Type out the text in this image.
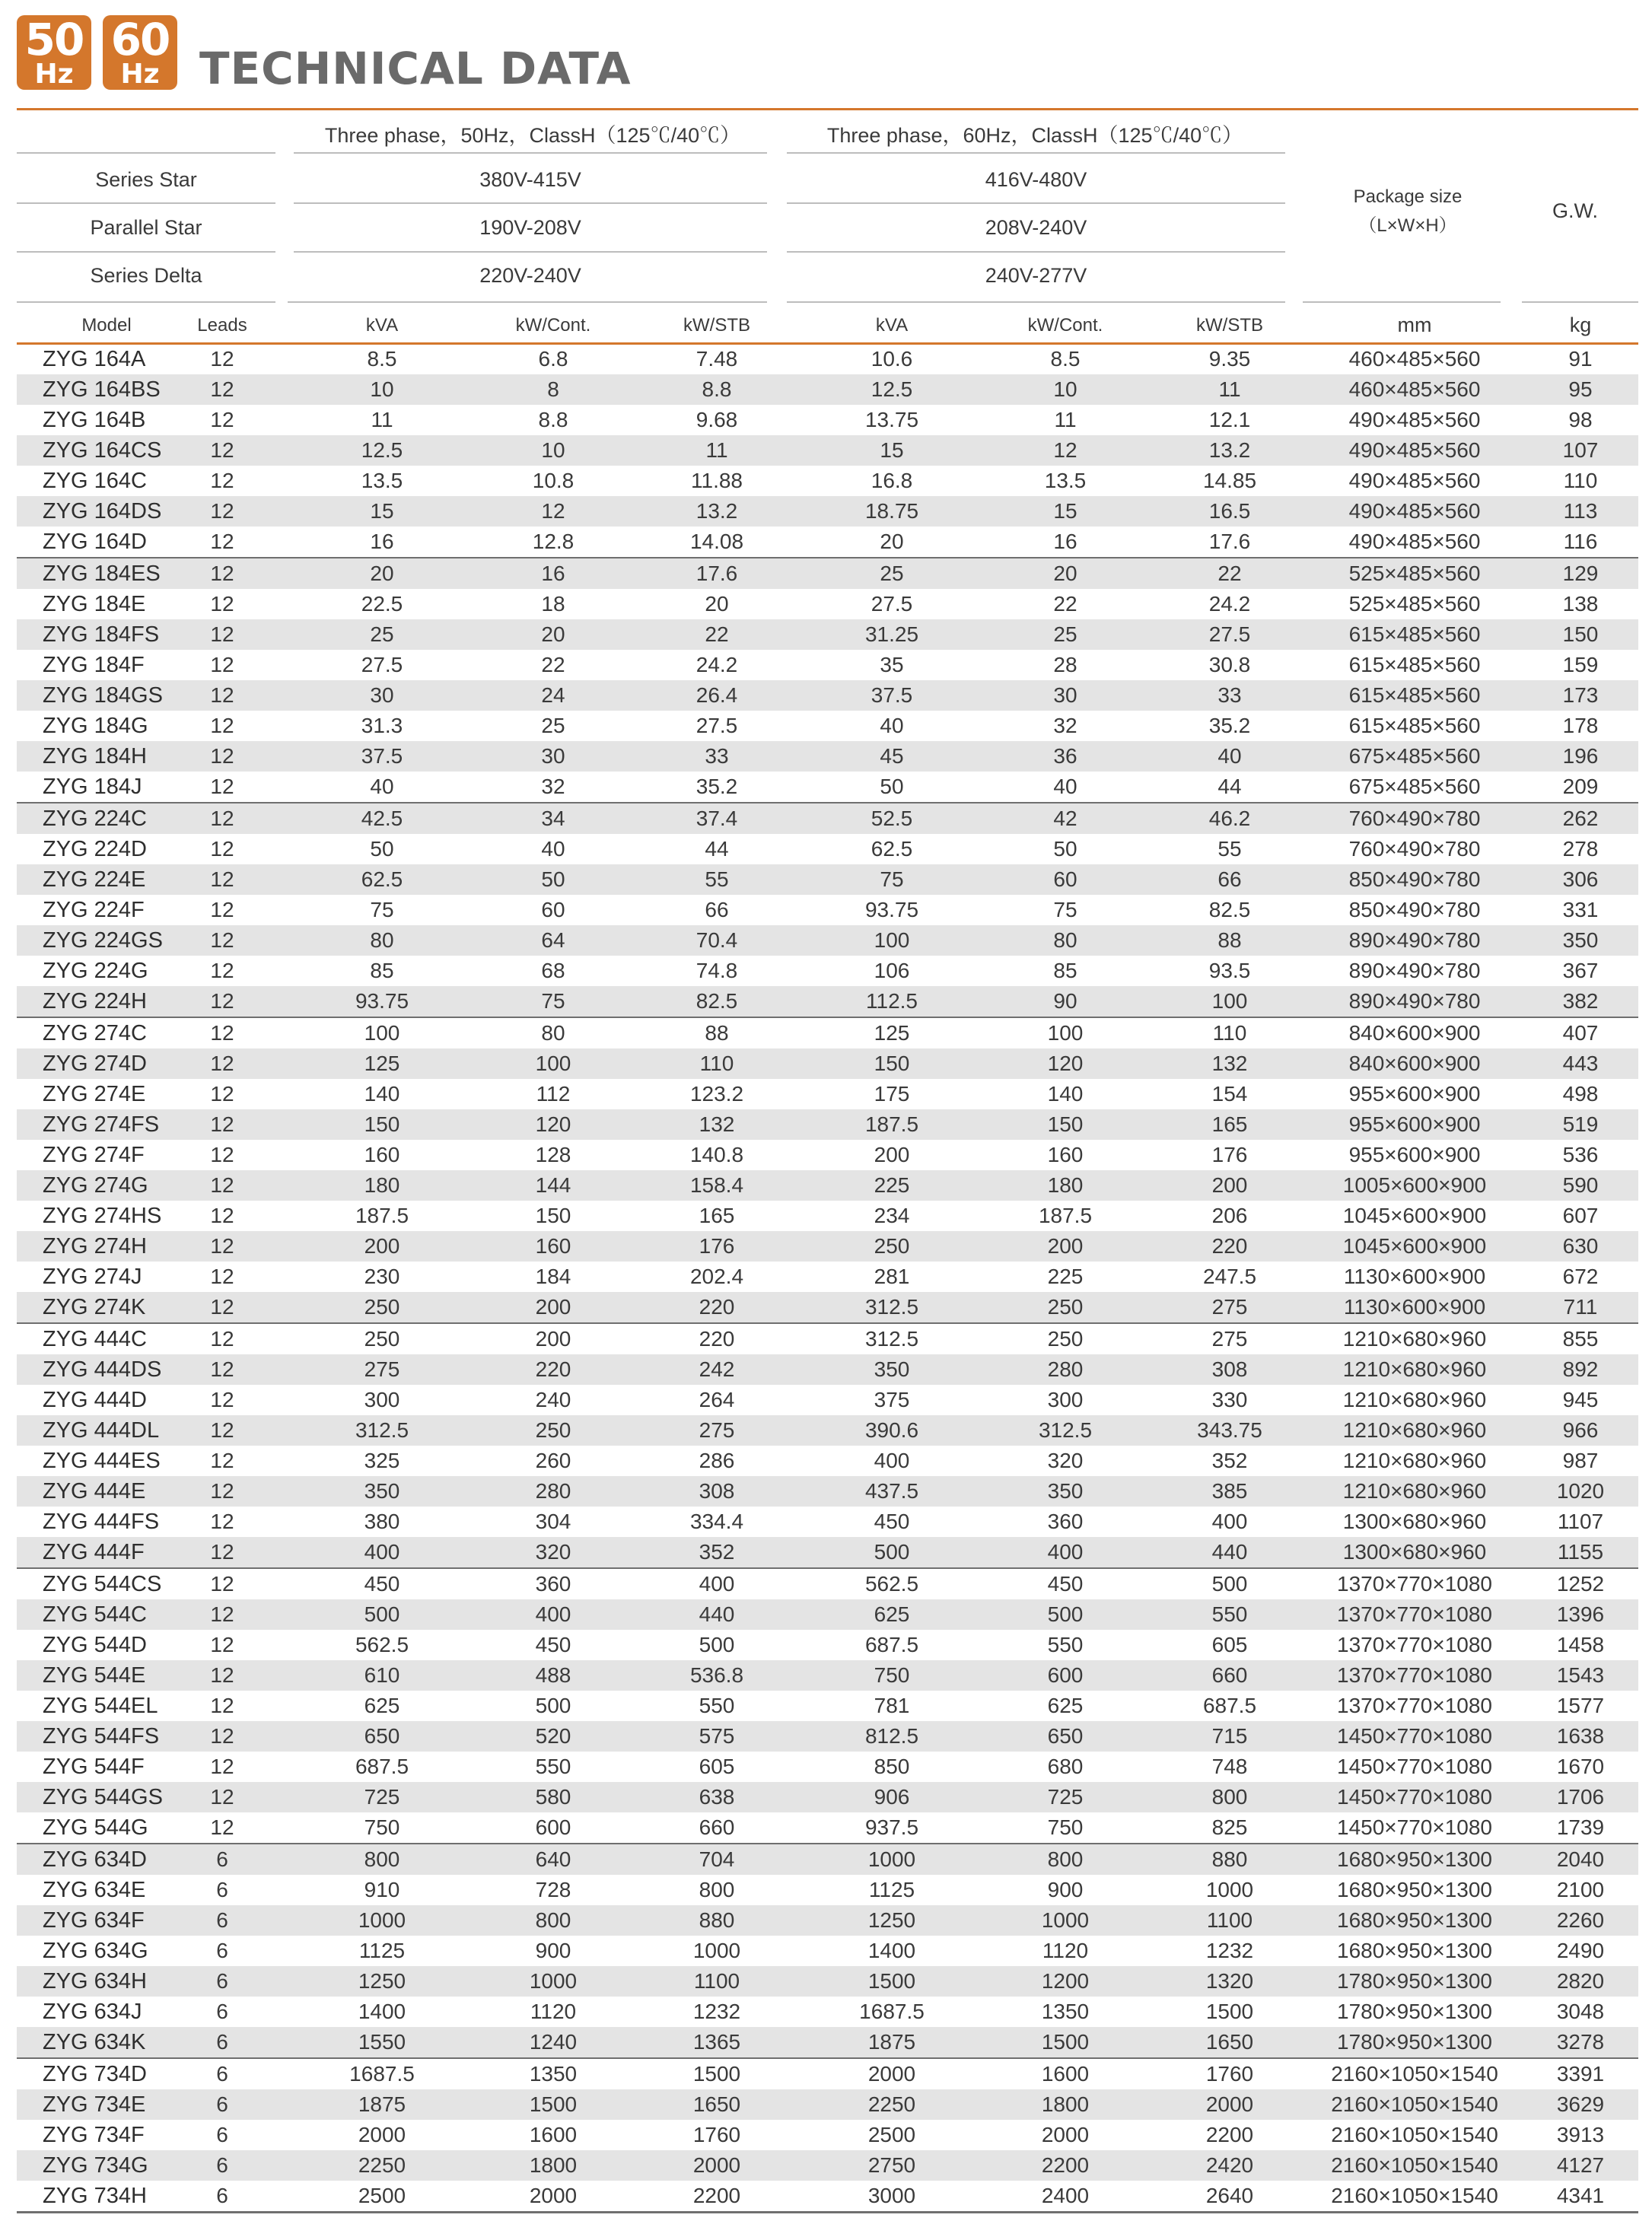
50
Hz
60
Hz TECHNICAL DATA
Three phase，50Hz，ClassH（125℃/40℃）	Three phase，60Hz，ClassH（125℃/40℃）
Series Star	380V-415V	416V-480V
Parallel Star	190V-208V	208V-240V
Series Delta	220V-240V	240V-277V
Package size
（L×W×H）
G.W.
Model	Leads	kVA	kW/Cont.	kW/STB	kVA	kW/Cont.	kW/STB	mm	kg
ZYG 164A	12	8.5	6.8	7.48	10.6	8.5	9.35	460×485×560	91
ZYG 164BS	12	10	8	8.8	12.5	10	11	460×485×560	95
ZYG 164B	12	11	8.8	9.68	13.75	11	12.1	490×485×560	98
ZYG 164CS	12	12.5	10	11	15	12	13.2	490×485×560	107
ZYG 164C	12	13.5	10.8	11.88	16.8	13.5	14.85	490×485×560	110
ZYG 164DS	12	15	12	13.2	18.75	15	16.5	490×485×560	113
ZYG 164D	12	16	12.8	14.08	20	16	17.6	490×485×560	116
ZYG 184ES	12	20	16	17.6	25	20	22	525×485×560	129
ZYG 184E	12	22.5	18	20	27.5	22	24.2	525×485×560	138
ZYG 184FS	12	25	20	22	31.25	25	27.5	615×485×560	150
ZYG 184F	12	27.5	22	24.2	35	28	30.8	615×485×560	159
ZYG 184GS	12	30	24	26.4	37.5	30	33	615×485×560	173
ZYG 184G	12	31.3	25	27.5	40	32	35.2	615×485×560	178
ZYG 184H	12	37.5	30	33	45	36	40	675×485×560	196
ZYG 184J	12	40	32	35.2	50	40	44	675×485×560	209
ZYG 224C	12	42.5	34	37.4	52.5	42	46.2	760×490×780	262
ZYG 224D	12	50	40	44	62.5	50	55	760×490×780	278
ZYG 224E	12	62.5	50	55	75	60	66	850×490×780	306
ZYG 224F	12	75	60	66	93.75	75	82.5	850×490×780	331
ZYG 224GS	12	80	64	70.4	100	80	88	890×490×780	350
ZYG 224G	12	85	68	74.8	106	85	93.5	890×490×780	367
ZYG 224H	12	93.75	75	82.5	112.5	90	100	890×490×780	382
ZYG 274C	12	100	80	88	125	100	110	840×600×900	407
ZYG 274D	12	125	100	110	150	120	132	840×600×900	443
ZYG 274E	12	140	112	123.2	175	140	154	955×600×900	498
ZYG 274FS	12	150	120	132	187.5	150	165	955×600×900	519
ZYG 274F	12	160	128	140.8	200	160	176	955×600×900	536
ZYG 274G	12	180	144	158.4	225	180	200	1005×600×900	590
ZYG 274HS	12	187.5	150	165	234	187.5	206	1045×600×900	607
ZYG 274H	12	200	160	176	250	200	220	1045×600×900	630
ZYG 274J	12	230	184	202.4	281	225	247.5	1130×600×900	672
ZYG 274K	12	250	200	220	312.5	250	275	1130×600×900	711
ZYG 444C	12	250	200	220	312.5	250	275	1210×680×960	855
ZYG 444DS	12	275	220	242	350	280	308	1210×680×960	892
ZYG 444D	12	300	240	264	375	300	330	1210×680×960	945
ZYG 444DL	12	312.5	250	275	390.6	312.5	343.75	1210×680×960	966
ZYG 444ES	12	325	260	286	400	320	352	1210×680×960	987
ZYG 444E	12	350	280	308	437.5	350	385	1210×680×960	1020
ZYG 444FS	12	380	304	334.4	450	360	400	1300×680×960	1107
ZYG 444F	12	400	320	352	500	400	440	1300×680×960	1155
ZYG 544CS	12	450	360	400	562.5	450	500	1370×770×1080	1252
ZYG 544C	12	500	400	440	625	500	550	1370×770×1080	1396
ZYG 544D	12	562.5	450	500	687.5	550	605	1370×770×1080	1458
ZYG 544E	12	610	488	536.8	750	600	660	1370×770×1080	1543
ZYG 544EL	12	625	500	550	781	625	687.5	1370×770×1080	1577
ZYG 544FS	12	650	520	575	812.5	650	715	1450×770×1080	1638
ZYG 544F	12	687.5	550	605	850	680	748	1450×770×1080	1670
ZYG 544GS	12	725	580	638	906	725	800	1450×770×1080	1706
ZYG 544G	12	750	600	660	937.5	750	825	1450×770×1080	1739
ZYG 634D	6	800	640	704	1000	800	880	1680×950×1300	2040
ZYG 634E	6	910	728	800	1125	900	1000	1680×950×1300	2100
ZYG 634F	6	1000	800	880	1250	1000	1100	1680×950×1300	2260
ZYG 634G	6	1125	900	1000	1400	1120	1232	1680×950×1300	2490
ZYG 634H	6	1250	1000	1100	1500	1200	1320	1780×950×1300	2820
ZYG 634J	6	1400	1120	1232	1687.5	1350	1500	1780×950×1300	3048
ZYG 634K	6	1550	1240	1365	1875	1500	1650	1780×950×1300	3278
ZYG 734D	6	1687.5	1350	1500	2000	1600	1760	2160×1050×1540	3391
ZYG 734E	6	1875	1500	1650	2250	1800	2000	2160×1050×1540	3629
ZYG 734F	6	2000	1600	1760	2500	2000	2200	2160×1050×1540	3913
ZYG 734G	6	2250	1800	2000	2750	2200	2420	2160×1050×1540	4127
ZYG 734H	6	2500	2000	2200	3000	2400	2640	2160×1050×1540	4341
